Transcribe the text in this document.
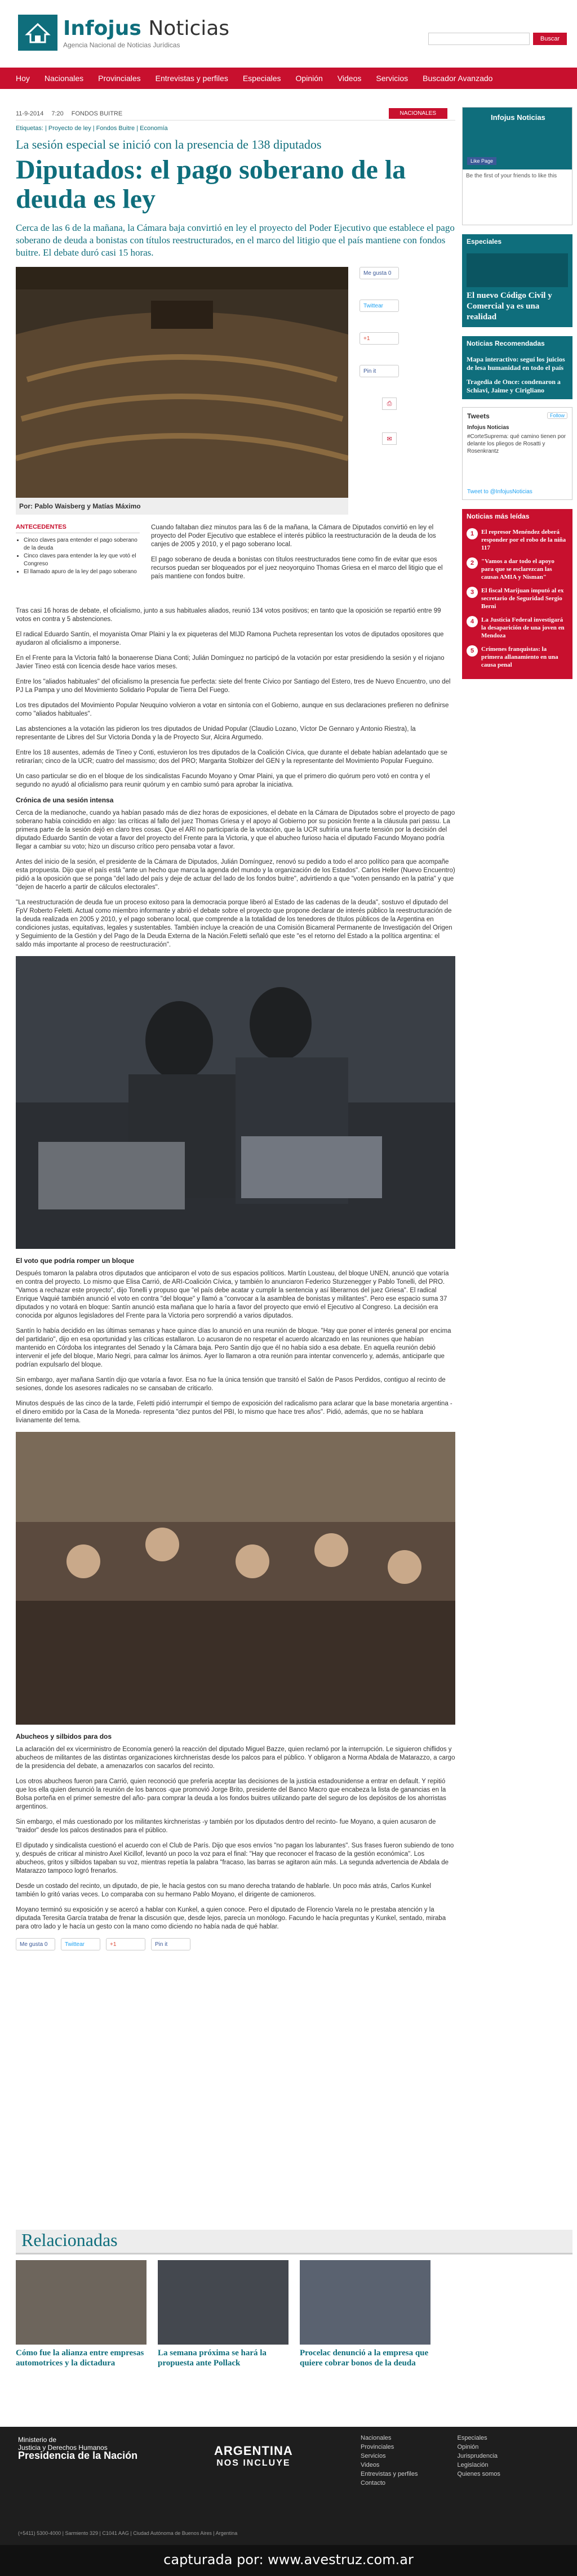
Infojus Noticias
Agencia Nacional de Noticias Jurídicas
Buscar
Hoy Nacionales Provinciales Entrevistas y perfiles Especiales Opinión Videos Servicios Buscador Avanzado
11-9-2014 7:20 FONDOS BUITRE	NACIONALES
Etiquetas: | Proyecto de ley | Fondos Buitre | Economía
La sesión especial se inició con la presencia de 138 diputados
Diputados: el pago soberano de la deuda es ley
Cerca de las 6 de la mañana, la Cámara baja convirtió en ley el proyecto del Poder Ejecutivo que establece el pago soberano de deuda a bonistas con títulos reestructurados, en el marco del litigio que el país mantiene con fondos buitre. El debate duró casi 15 horas.
Me gusta
0
Twittear
+1
Pin it
⎙
✉
Por: Pablo Waisberg y Matías Máximo
ANTECEDENTES
• Cinco claves para entender el pago soberano de la deuda
• Cinco claves para entender la ley que votó el Congreso
• El llamado apuro de la ley del pago soberano

Cuando faltaban diez minutos para las 6 de la mañana, la Cámara de Diputados convirtió en ley el proyecto del Poder Ejecutivo que establece el interés público la reestructuración de la deuda de los canjes de 2005 y 2010, y el pago soberano local.

El pago soberano de deuda a bonistas con títulos reestructurados tiene como fin de evitar que esos recursos puedan ser bloqueados por el juez neoyorquino Thomas Griesa en el marco del litigio que el país mantiene con fondos buitre.

Tras casi 16 horas de debate, el oficialismo, junto a sus habituales aliados, reunió 134 votos positivos; en tanto que la oposición se repartió entre 99 votos en contra y 5 abstenciones.

El radical Eduardo Santín, el moyanista Omar Plaini y la ex piqueteras del MIJD Ramona Pucheta representan los votos de diputados opositores que ayudaron al oficialismo a imponerse.

En el Frente para la Victoria faltó la bonaerense Diana Conti; Julián Domínguez no participó de la votación por estar presidiendo la sesión y el riojano Javier Tineo está con licencia desde hace varios meses.

Entre los "aliados habituales" del oficialismo la presencia fue perfecta: siete del frente Cívico por Santiago del Estero, tres de Nuevo Encuentro, uno del PJ La Pampa y uno del Movimiento Solidario Popular de Tierra Del Fuego.

Los tres diputados del Movimiento Popular Neuquino volvieron a votar en sintonía con el Gobierno, aunque en sus declaraciones prefieren no definirse como "aliados habituales".

Las abstenciones a la votación las pidieron los tres diputados de Unidad Popular (Claudio Lozano, Víctor De Gennaro y Antonio Riestra), la representante de Libres del Sur Victoria Donda y la de Proyecto Sur, Alcira Argumedo.

Entre los 18 ausentes, además de Tineo y Conti, estuvieron los tres diputados de la Coalición Cívica, que durante el debate habían adelantado que se retirarían; cinco de la UCR; cuatro del massismo; dos del PRO; Margarita Stolbizer del GEN y la representante del Movimiento Popular Fueguino.

Un caso particular se dio en el bloque de los sindicalistas Facundo Moyano y Omar Plaini, ya que el primero dio quórum pero votó en contra y el segundo no ayudó al oficialismo para reunir quórum y en cambio sumó para aprobar la iniciativa.

Crónica de una sesión intensa

Cerca de la medianoche, cuando ya habían pasado más de diez horas de exposiciones, el debate en la Cámara de Diputados sobre el proyecto de pago soberano había coincidido en algo: las críticas al fallo del juez Thomas Griesa y el apoyo al Gobierno por su posición frente a la cláusula pari passu. La primera parte de la sesión dejó en claro tres cosas. Que el ARI no participaría de la votación, que la UCR sufriría una fuerte tensión por la decisión del diputado Eduardo Santín de votar a favor del proyecto del Frente para la Victoria, y que el abucheo furioso hacia el diputado Facundo Moyano podría llegar a cambiar su voto; hizo un discurso crítico pero pensaba votar a favor.

Antes del inicio de la sesión, el presidente de la Cámara de Diputados, Julián Domínguez, renovó su pedido a todo el arco político para que acompañe esta propuesta. Dijo que el país está "ante un hecho que marca la agenda del mundo y la organización de los Estados". Carlos Heller (Nuevo Encuentro) pidió a la oposición que se ponga "del lado del país y deje de actuar del lado de los fondos buitre", advirtiendo a que "voten pensando en la patria" y que "dejen de hacerlo a partir de cálculos electorales".

"La reestructuración de deuda fue un proceso exitoso para la democracia porque liberó al Estado de las cadenas de la deuda", sostuvo el diputado del FpV Roberto Feletti. Actual como miembro informante y abrió el debate sobre el proyecto que propone declarar de interés público la reestructuración de la deuda realizada en 2005 y 2010, y el pago soberano local, que comprende a la totalidad de los tenedores de títulos públicos de la Argentina en condiciones justas, equitativas, legales y sustentables. También incluye la creación de una Comisión Bicameral Permanente de Investigación del Origen y Seguimiento de la Gestión y del Pago de la Deuda Externa de la Nación.Feletti señaló que este "es el retorno del Estado a la política argentina: el saldo más importante al proceso de reestructuración".

El voto que podría romper un bloque

Después tomaron la palabra otros diputados que anticiparon el voto de sus espacios políticos. Martín Lousteau, del bloque UNEN, anunció que votaría en contra del proyecto. Lo mismo que Elisa Carrió, de ARI-Coalición Cívica, y también lo anunciaron Federico Sturzenegger y Pablo Tonelli, del PRO. "Vamos a rechazar este proyecto", dijo Tonelli y propuso que "el país debe acatar y cumplir la sentencia y así liberarnos del juez Griesa". El radical Enrique Vaquié también anunció el voto en contra "del bloque" y llamó a "convocar a la asamblea de bonistas y militantes". Pero ese espacio suma 37 diputados y no votará en bloque: Santín anunció esta mañana que lo haría a favor del proyecto que envió el Ejecutivo al Congreso. La decisión era conocida por algunos legisladores del Frente para la Victoria pero sorprendió a varios diputados.

Santín lo había decidido en las últimas semanas y hace quince días lo anunció en una reunión de bloque. "Hay que poner el interés general por encima del partidario", dijo en esa oportunidad y las críticas estallaron. Lo acusaron de no respetar el acuerdo alcanzado en las reuniones que habían mantenido en Córdoba los integrantes del Senado y la Cámara baja. Pero Santín dijo que él no había sido a esa debate. En aquella reunión debió intervenir el jefe del bloque, Mario Negri, para calmar los ánimos. Ayer lo llamaron a otra reunión para intentar convencerlo y, además, anticiparle que podrían expulsarlo del bloque.

Sin embargo, ayer mañana Santín dijo que votaría a favor. Esa no fue la única tensión que transitó el Salón de Pasos Perdidos, contiguo al recinto de sesiones, donde los asesores radicales no se cansaban de criticarlo.

Minutos después de las cinco de la tarde, Feletti pidió interrumpir el tiempo de exposición del radicalismo para aclarar que la base monetaria argentina -el dinero emitido por la Casa de la Moneda- representa "diez puntos del PBI, lo mismo que hace tres años". Pidió, además, que no se hablara livianamente del tema.

Abucheos y silbidos para dos

La aclaración del ex vicerministro de Economía generó la reacción del diputado Miguel Bazze, quien reclamó por la interrupción. Le siguieron chiflidos y abucheos de militantes de las distintas organizaciones kirchneristas desde los palcos para el público. Y obligaron a Norma Abdala de Matarazzo, a cargo de la presidencia del debate, a amenazarlos con sacarlos del recinto.

Los otros abucheos fueron para Carrió, quien reconoció que prefería aceptar las decisiones de la justicia estadounidense a entrar en default. Y repitió que los ella quien denunció la reunión de los bancos -que promovió Jorge Brito, presidente del Banco Macro que encabeza la lista de ganancias en la Bolsa porteña en el primer semestre del año- para comprar la deuda a los fondos buitres utilizando parte del seguro de los depósitos de los ahorristas argentinos.

Sin embargo, el más cuestionado por los militantes kirchneristas -y también por los diputados dentro del recinto- fue Moyano, a quien acusaron de "traidor" desde los palcos destinados para el público.

El diputado y sindicalista cuestionó el acuerdo con el Club de París. Dijo que esos envíos "no pagan los laburantes". Sus frases fueron subiendo de tono y, después de criticar al ministro Axel Kicillof, levantó un poco la voz para el final: "Hay que reconocer el fracaso de la gestión económica". Los abucheos, gritos y silbidos tapaban su voz, mientras repetía la palabra "fracaso, las barras se agitaron aún más. La segunda advertencia de Abdala de Matarazzo tampoco logró frenarlos.

Desde un costado del recinto, un diputado, de pie, le hacía gestos con su mano derecha tratando de hablarle. Un poco más atrás, Carlos Kunkel también lo gritó varias veces. Lo comparaba con su hermano Pablo Moyano, el dirigente de camioneros.

Moyano terminó su exposición y se acercó a hablar con Kunkel, a quien conoce. Pero el diputado de Florencio Varela no le prestaba atención y la diputada Teresita García trataba de frenar la discusión que, desde lejos, parecía un monólogo. Facundo le hacía preguntas y Kunkel, sentado, miraba para otro lado y le hacía un gesto con la mano como diciendo no había nada de qué hablar.

Me gusta
0	Twittear	+1	Pin it
Infojus Noticias
Like Page
Be the first of your friends to like this
Especiales
El nuevo Código Civil y Comercial ya es una realidad
Noticias Recomendadas
Mapa interactivo: seguí los juicios de lesa humanidad en todo el país
Tragedia de Once: condenaron a Schiavi, Jaime y Cirigliano
Tweets	Follow
Infojus Noticias
#CorteSuprema: qué camino tienen por delante los pliegos de Rosatti y Rosenkrantz
Tweet to @InfojusNoticias
Noticias más leídas
1	El represor Menéndez deberá responder por el robo de la niña 117
2	"Vamos a dar todo el apoyo para que se esclarezcan las causas AMIA y Nisman"
3	El fiscal Marijuan imputó al ex secretario de Seguridad Sergio Berni
4	La Justicia Federal investigará la desaparición de una joven en Mendoza
5	Crímenes franquistas: la primera allanamiento en una causa penal
Relacionadas
Cómo fue la alianza entre empresas automotrices y la dictadura
La semana próxima se hará la propuesta ante Pollack
Procelac denunció a la empresa que quiere cobrar bonos de la deuda
Ministerio de
Justicia y Derechos Humanos
Presidencia de la Nación	ARGENTINA
NOS INCLUYE
Nacionales
Provinciales
Servicios
Videos
Entrevistas y perfiles
Contacto
Especiales
Opinión
Jurisprudencia
Legislación
Quienes somos
(+5411) 5300-4000 | Sarmiento 329 | C1041 AAG | Ciudad Autónoma de Buenos Aires | Argentina
capturada por: www.avestruz.com.ar
